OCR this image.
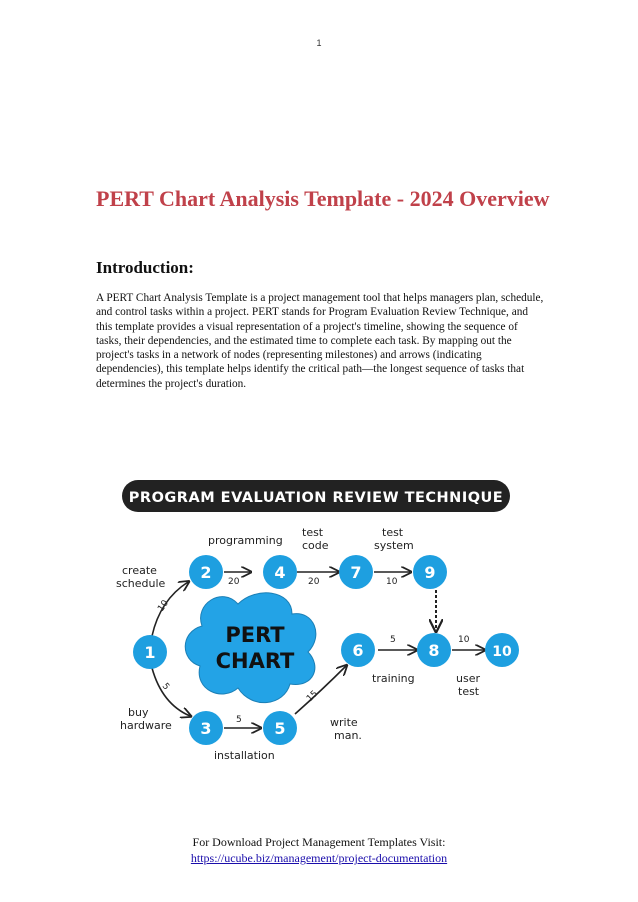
1
PERT Chart Analysis Template - 2024 Overview
Introduction:

A PERT Chart Analysis Template is a project management tool that helps managers plan, schedule, and control tasks within a project. PERT stands for Program Evaluation Review Technique, and this template provides a visual representation of a project's timeline, showing the sequence of tasks, their dependencies, and the estimated time to complete each task. By mapping out the project's tasks in a network of nodes (representing milestones) and arrows (indicating dependencies), this template helps identify the critical path—the longest sequence of tasks that determines the project's duration.

PROGRAM EVALUATION REVIEW TECHNIQUE
PERT
CHART
10
5
20	20	10
5
15
5	10
1
2
3
4
5
6
7
8
9
10
create
schedule
programming
test
code
test
system
buy
hardware
installation
write
man.
training	user
test
For Download Project Management Templates Visit:
https://ucube.biz/management/project-documentation
